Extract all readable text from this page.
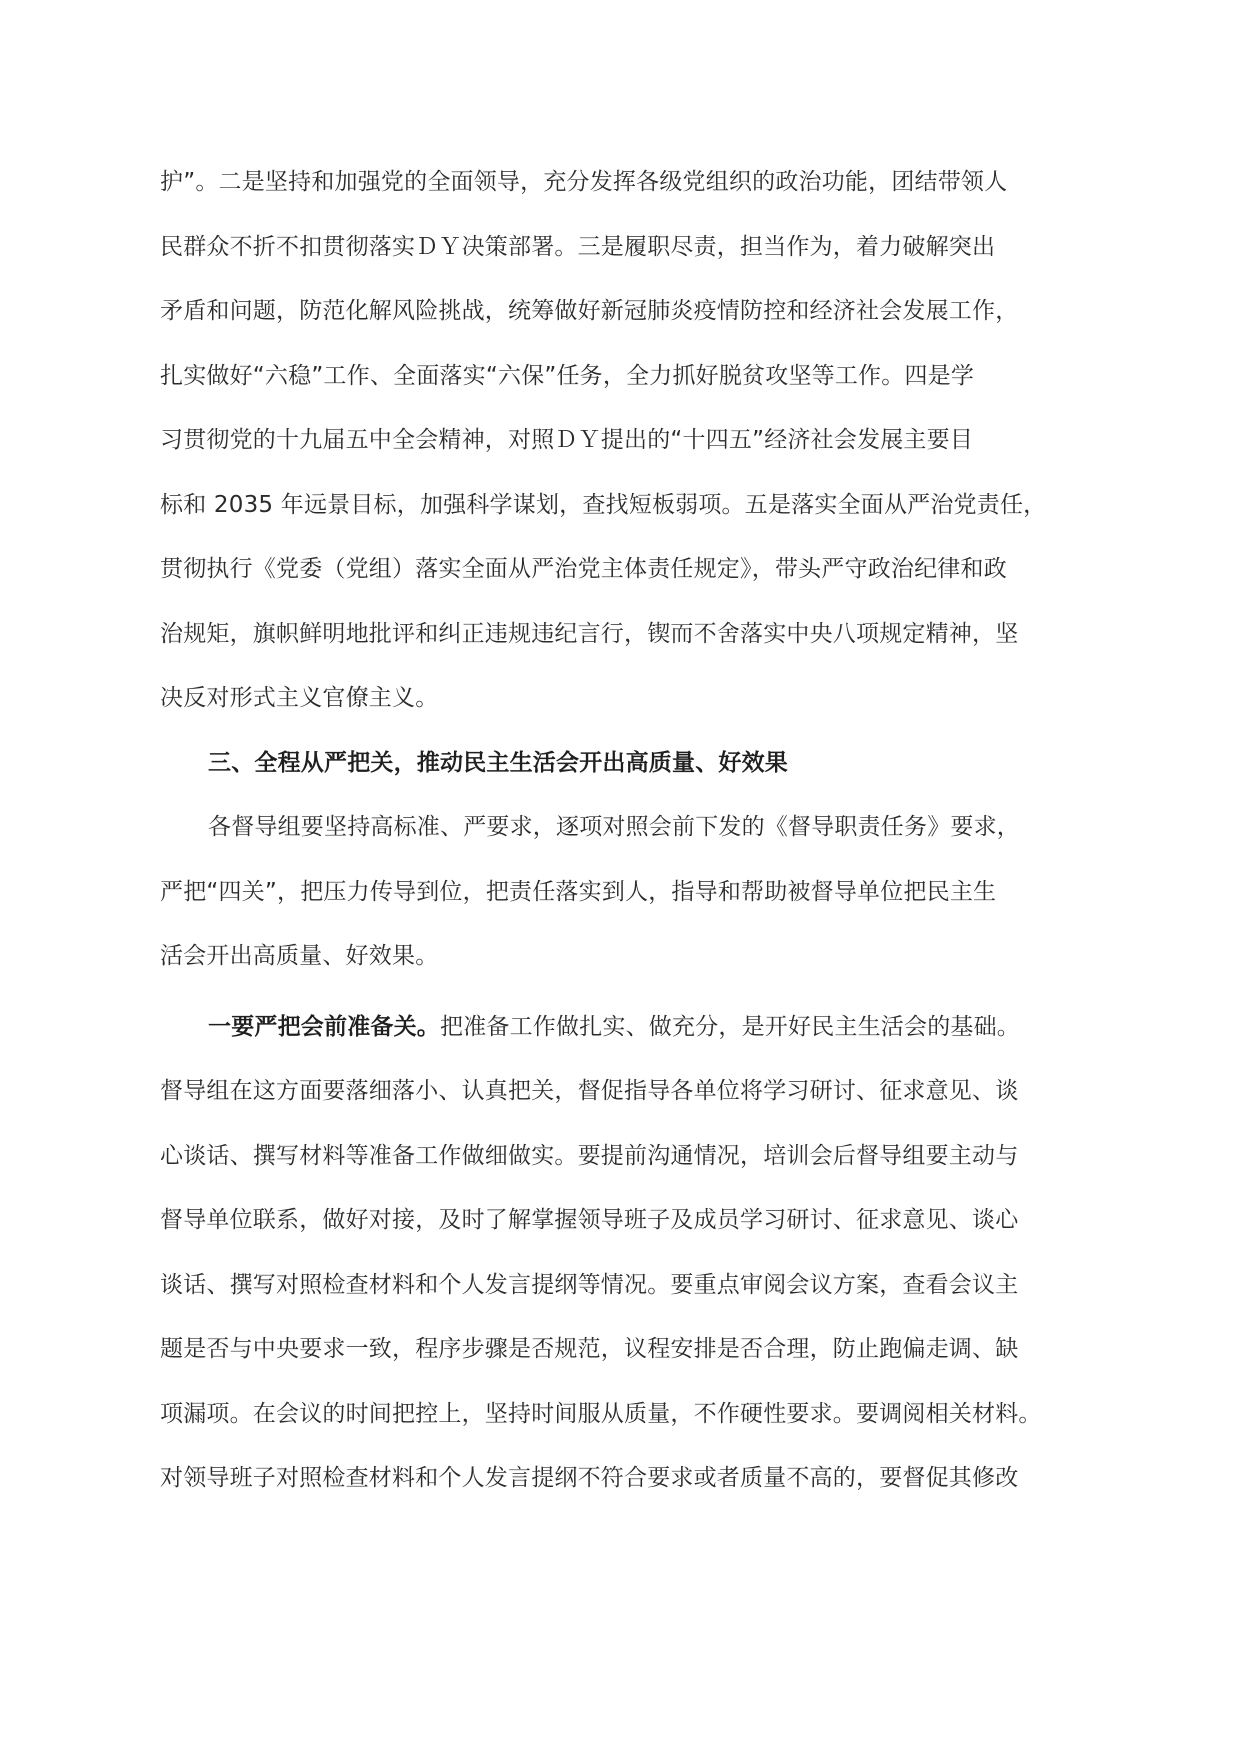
护”。二是坚持和加强党的全面领导，充分发挥各级党组织的政治功能，团结带领人
民群众不折不扣贯彻落实ＤＹ决策部署。三是履职尽责，担当作为，着力破解突出
矛盾和问题，防范化解风险挑战，统筹做好新冠肺炎疫情防控和经济社会发展工作，
扎实做好“六稳”工作、全面落实“六保”任务，全力抓好脱贫攻坚等工作。四是学
习贯彻党的十九届五中全会精神，对照ＤＹ提出的“十四五”经济社会发展主要目
标和 2035 年远景目标，加强科学谋划，查找短板弱项。五是落实全面从严治党责任，
贯彻执行《党委（党组）落实全面从严治党主体责任规定》，带头严守政治纪律和政
治规矩，旗帜鲜明地批评和纠正违规违纪言行，锲而不舍落实中央八项规定精神，坚
决反对形式主义官僚主义。
三、全程从严把关，推动民主生活会开出高质量、好效果
各督导组要坚持高标准、严要求，逐项对照会前下发的《督导职责任务》要求，
严把“四关”，把压力传导到位，把责任落实到人，指导和帮助被督导单位把民主生
活会开出高质量、好效果。
一要严把会前准备关。把准备工作做扎实、做充分，是开好民主生活会的基础。
督导组在这方面要落细落小、认真把关，督促指导各单位将学习研讨、征求意见、谈
心谈话、撰写材料等准备工作做细做实。要提前沟通情况，培训会后督导组要主动与
督导单位联系，做好对接，及时了解掌握领导班子及成员学习研讨、征求意见、谈心
谈话、撰写对照检查材料和个人发言提纲等情况。要重点审阅会议方案，查看会议主
题是否与中央要求一致，程序步骤是否规范，议程安排是否合理，防止跑偏走调、缺
项漏项。在会议的时间把控上，坚持时间服从质量，不作硬性要求。要调阅相关材料。
对领导班子对照检查材料和个人发言提纲不符合要求或者质量不高的，要督促其修改
